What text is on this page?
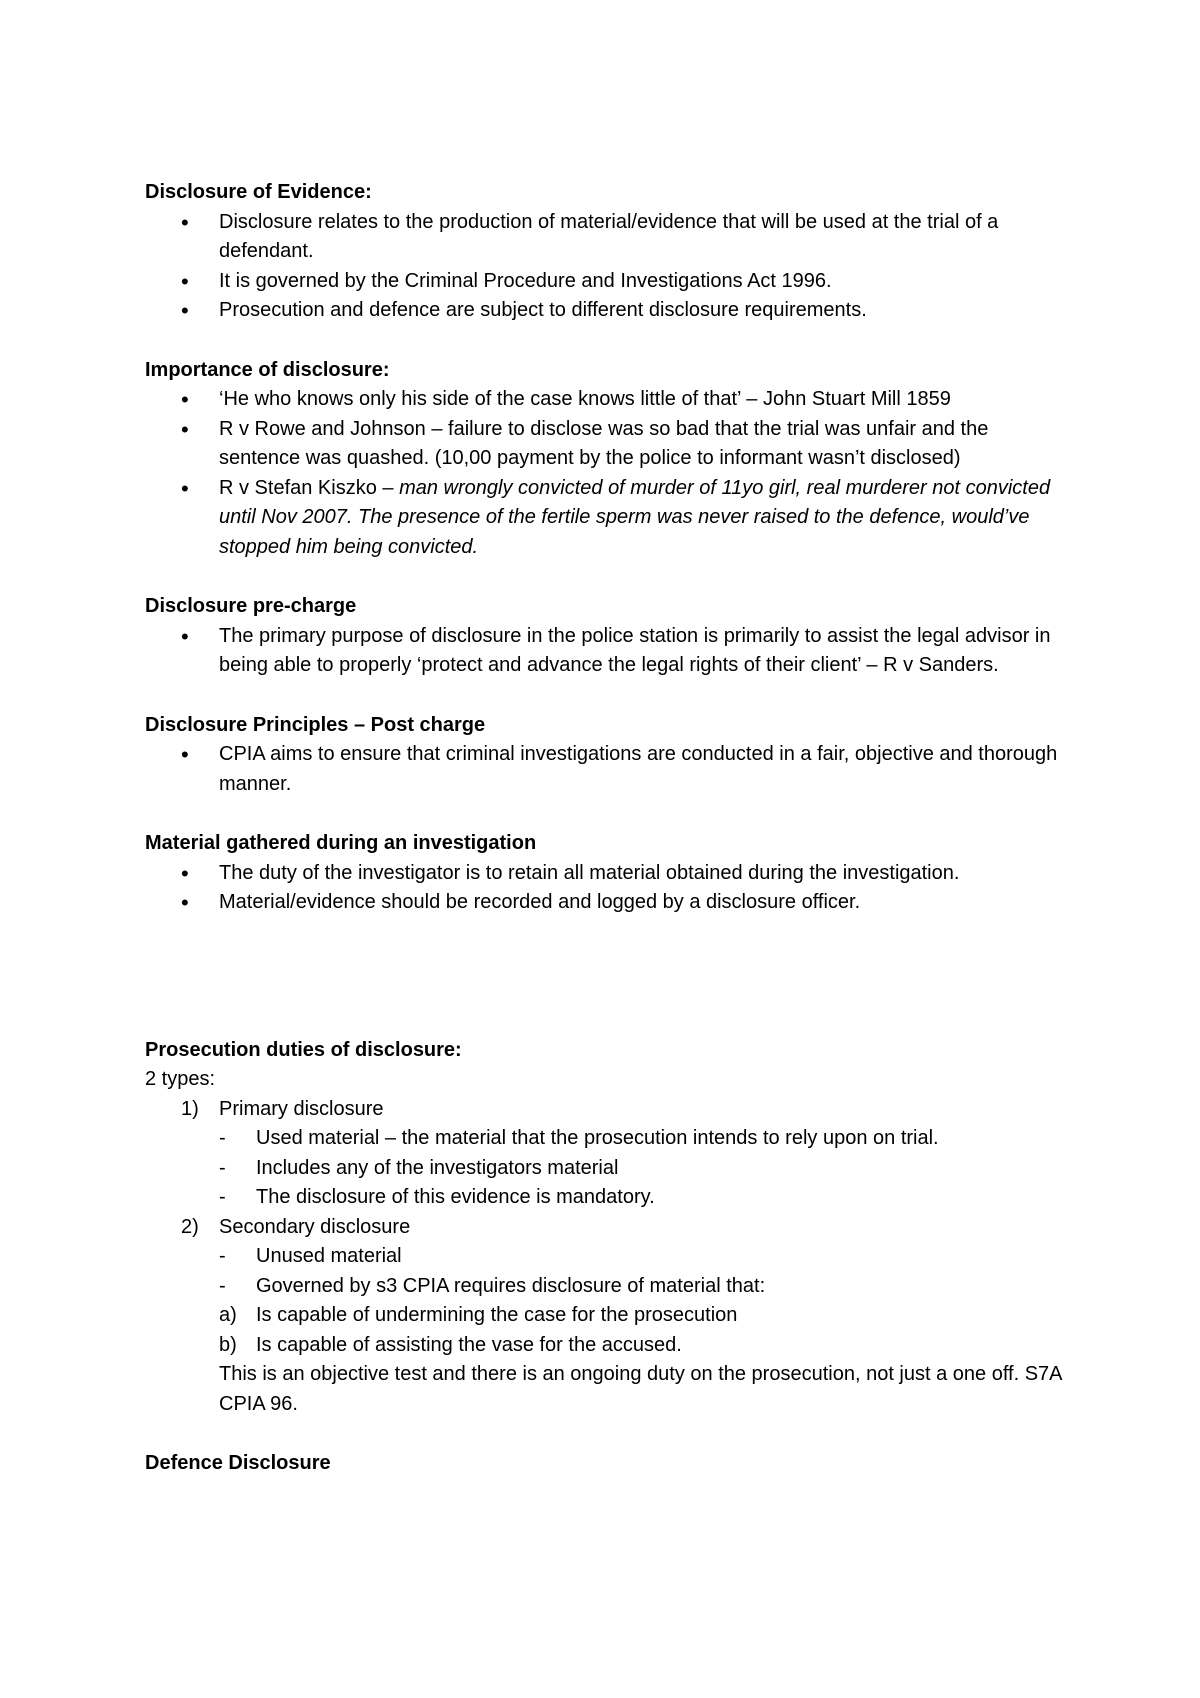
Disclosure of Evidence:

• Disclosure relates to the production of material/evidence that will be used at the trial of a defendant.
• It is governed by the Criminal Procedure and Investigations Act 1996.
• Prosecution and defence are subject to different disclosure requirements.

Importance of disclosure:

• ‘He who knows only his side of the case knows little of that’ – John Stuart Mill 1859
• R v Rowe and Johnson – failure to disclose was so bad that the trial was unfair and the sentence was quashed. (10,00 payment by the police to informant wasn’t disclosed)
• R v Stefan Kiszko – man wrongly convicted of murder of 11yo girl, real murderer not convicted until Nov 2007. The presence of the fertile sperm was never raised to the defence, would’ve stopped him being convicted.

Disclosure pre-charge

• The primary purpose of disclosure in the police station is primarily to assist the legal advisor in being able to properly ‘protect and advance the legal rights of their client’ – R v Sanders.

Disclosure Principles – Post charge

• CPIA aims to ensure that criminal investigations are conducted in a fair, objective and thorough manner.

Material gathered during an investigation

• The duty of the investigator is to retain all material obtained during the investigation.
• Material/evidence should be recorded and logged by a disclosure officer.

Prosecution duties of disclosure:

2 types:
1) Primary disclosure
- Used material – the material that the prosecution intends to rely upon on trial.
- Includes any of the investigators material
- The disclosure of this evidence is mandatory.
2) Secondary disclosure
- Unused material
- Governed by s3 CPIA requires disclosure of material that:
a) Is capable of undermining the case for the prosecution
b) Is capable of assisting the vase for the accused.
This is an objective test and there is an ongoing duty on the prosecution, not just a one off. S7A CPIA 96.

Defence Disclosure
